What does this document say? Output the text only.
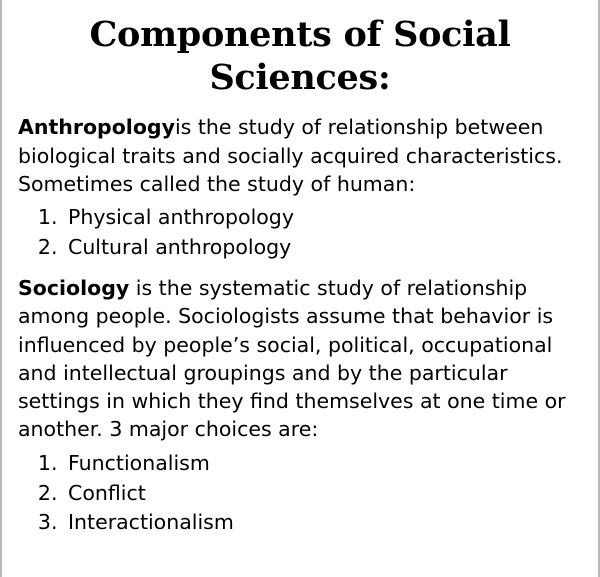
Components of Social Sciences:

Anthropologyis the study of relationship between biological traits and socially acquired characteristics. Sometimes called the study of human:

1. Physical anthropology
2. Cultural anthropology

Sociology is the systematic study of relationship among people. Sociologists assume that behavior is influenced by people’s social, political, occupational and intellectual groupings and by the particular settings in which they find themselves at one time or another. 3 major choices are:

1. Functionalism
2. Conflict
3. Interactionalism
